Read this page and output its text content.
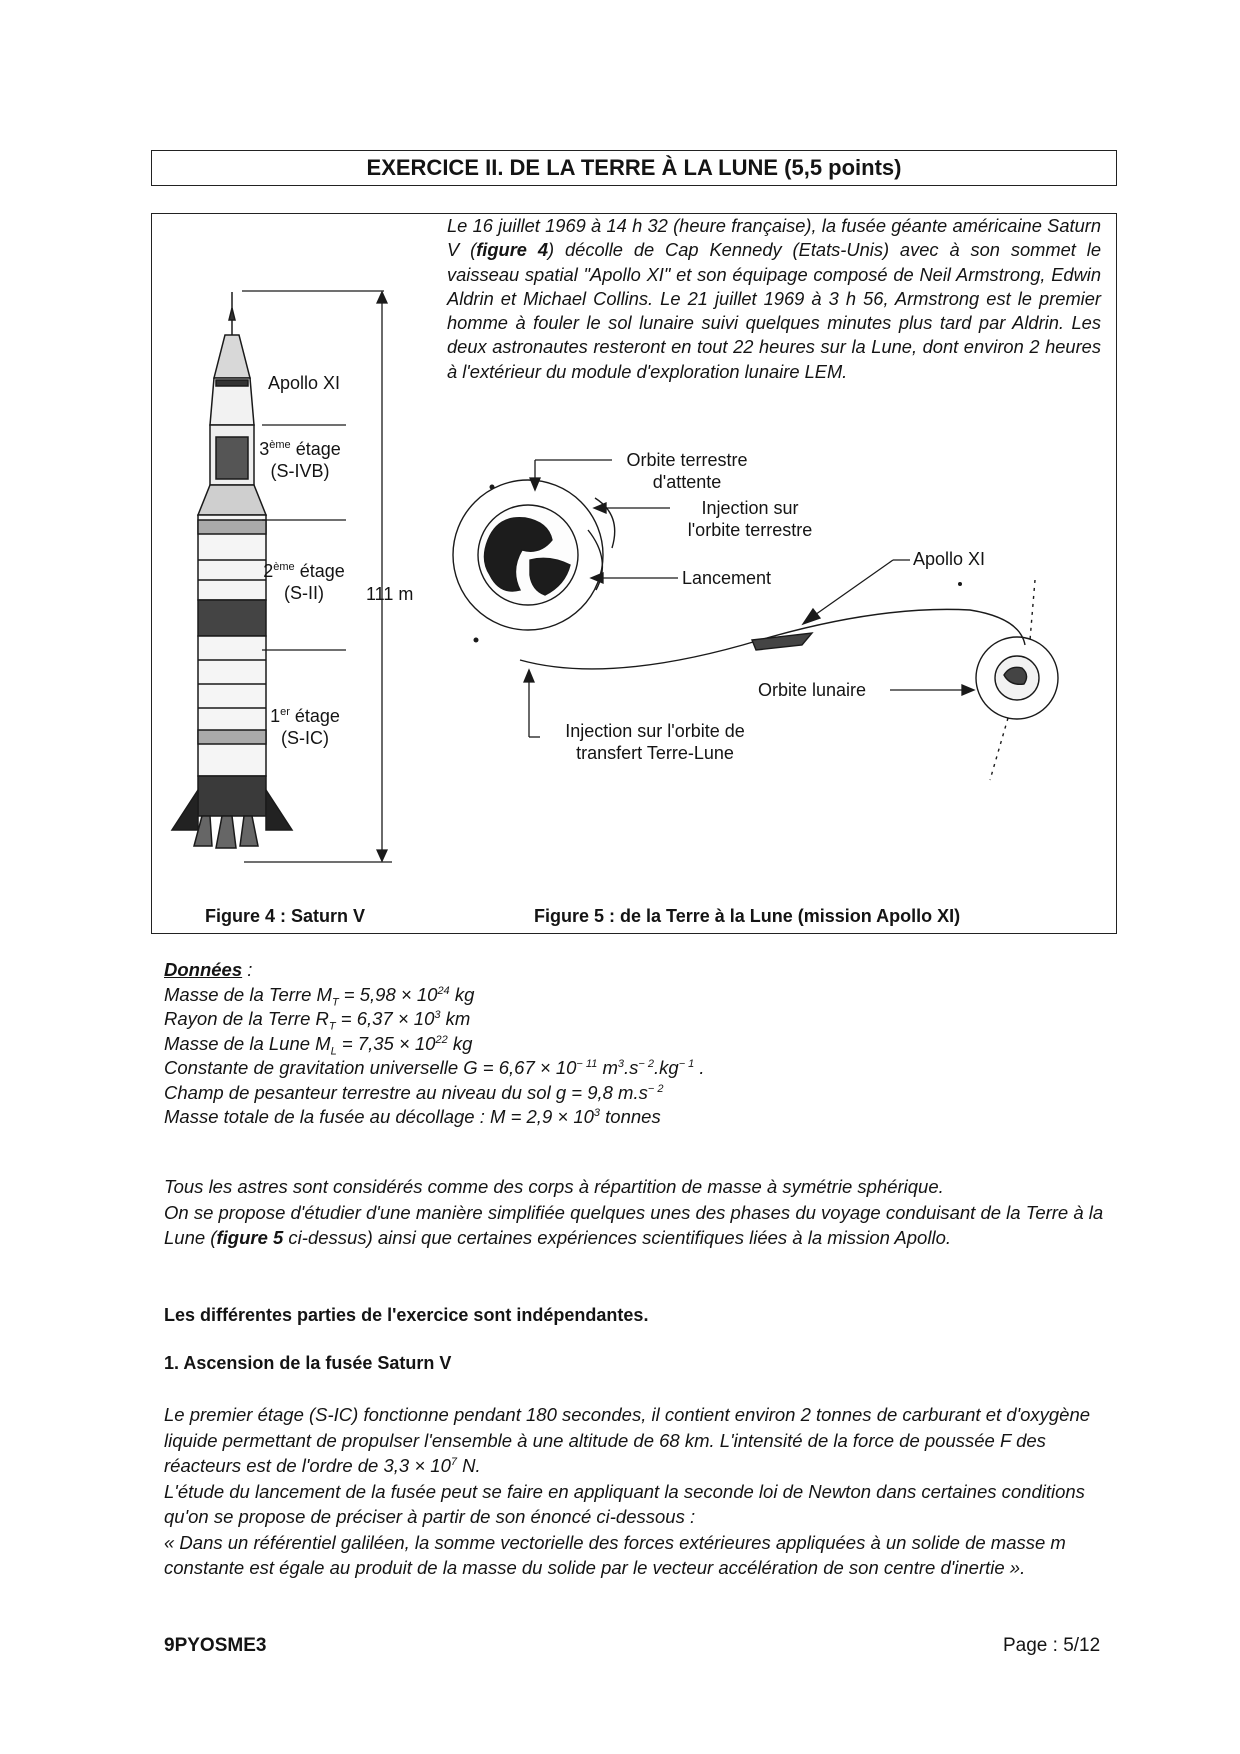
EXERCICE II. DE LA TERRE À LA LUNE (5,5 points)
Le 16 juillet 1969 à 14 h 32 (heure française), la fusée géante américaine Saturn V (figure 4) décolle de Cap Kennedy (Etats-Unis) avec à son sommet le vaisseau spatial "Apollo XI" et son équipage composé de Neil Armstrong, Edwin Aldrin et Michael Collins. Le 21 juillet 1969 à 3 h 56, Armstrong est le premier homme à fouler le sol lunaire suivi quelques minutes plus tard par Aldrin. Les deux astronautes resteront en tout 22 heures sur la Lune, dont environ 2 heures à l'extérieur du module d'exploration lunaire LEM.
Apollo XI
3ème étage
(S-IVB)
2ème étage
(S-II)	111 m
1er étage
(S-IC)
Orbite terrestre
d'attente
Injection sur
l'orbite terrestre
Lancement
Apollo XI
Orbite lunaire
Injection sur l'orbite de
transfert Terre-Lune
Figure 4 : Saturn V	Figure 5 : de la Terre à la Lune (mission Apollo XI)
Données :
Masse de la Terre $M_T = 5,98 \times 10^{24}$ kg
Rayon de la Terre $R_T = 6,37 \times 10^3$ km
Masse de la Lune $M_L = 7,35 \times 10^{22}$ kg
Constante de gravitation universelle $G = 6,67 \times 10^{- 11}$ $m^3.s^{- 2}.kg^{- 1}$ .
Champ de pesanteur terrestre au niveau du sol g = 9,8 $m.s^{- 2}$
Masse totale de la fusée au décollage : $M = 2,9 \times 10^3$ tonnes
Tous les astres sont considérés comme des corps à répartition de masse à symétrie sphérique.
On se propose d'étudier d'une manière simplifiée quelques unes des phases du voyage conduisant de la Terre à la Lune (figure 5 ci-dessus) ainsi que certaines expériences scientifiques liées à la mission Apollo.
Les différentes parties de l'exercice sont indépendantes.
1. Ascension de la fusée Saturn V
Le premier étage (S-IC) fonctionne pendant 180 secondes, il contient environ 2 tonnes de carburant et d'oxygène liquide permettant de propulser l'ensemble à une altitude de 68 km. L'intensité de la force de poussée F des réacteurs est de l'ordre de $3,3 \times 10^7$ N.
L'étude du lancement de la fusée peut se faire en appliquant la seconde loi de Newton dans certaines conditions qu'on se propose de préciser à partir de son énoncé ci-dessous :
« Dans un référentiel galiléen, la somme vectorielle des forces extérieures appliquées à un solide de masse m constante est égale au produit de la masse du solide par le vecteur accélération de son centre d'inertie ».
9PYOSME3	Page : 5/12
